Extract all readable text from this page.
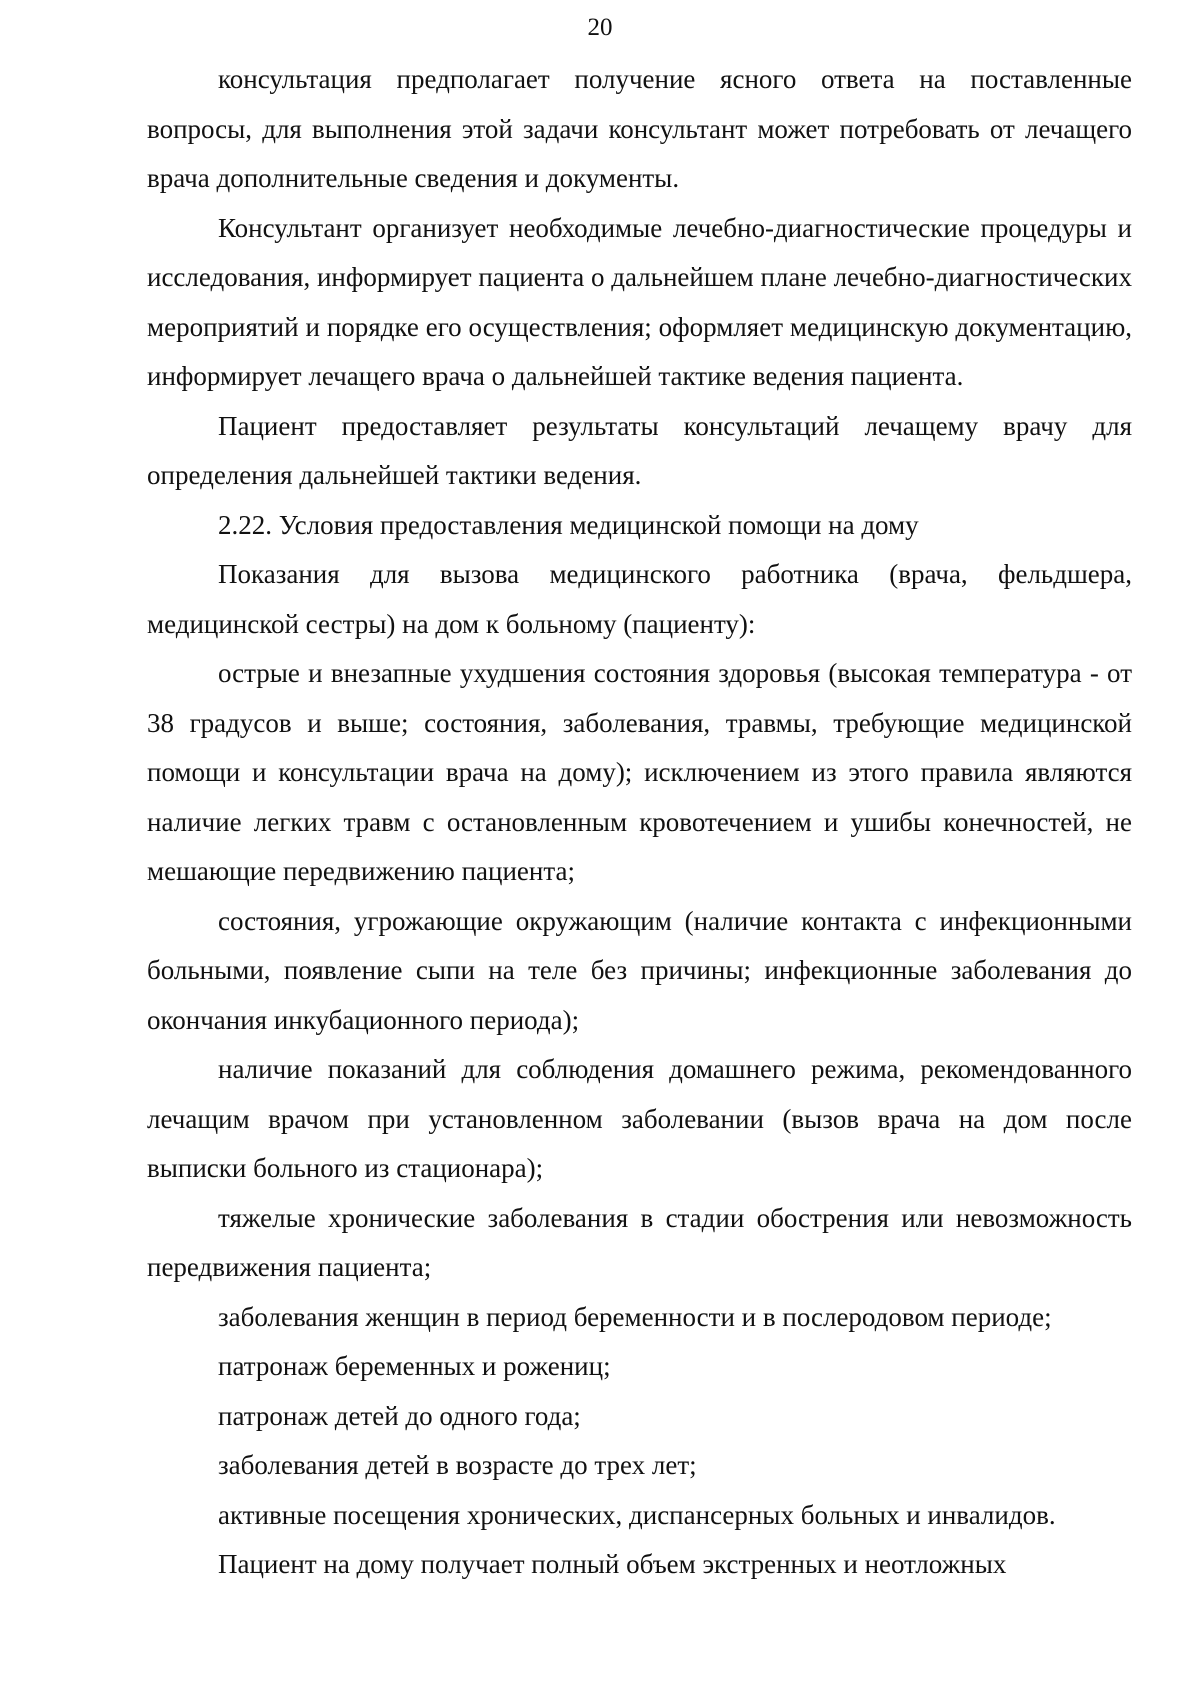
20

консультация предполагает получение ясного ответа на поставленные вопросы, для выполнения этой задачи консультант может потребовать от лечащего врача дополнительные сведения и документы.

Консультант организует необходимые лечебно-диагностические процедуры и исследования, информирует пациента о дальнейшем плане лечебно-диагностических мероприятий и порядке его осуществления; оформляет медицинскую документацию, информирует лечащего врача о дальнейшей тактике ведения пациента.

Пациент предоставляет результаты консультаций лечащему врачу для определения дальнейшей тактики ведения.

2.22. Условия предоставления медицинской помощи на дому

Показания для вызова медицинского работника (врача, фельдшера, медицинской сестры) на дом к больному (пациенту):

острые и внезапные ухудшения состояния здоровья (высокая температура - от 38 градусов и выше; состояния, заболевания, травмы, требующие медицинской помощи и консультации врача на дому); исключением из этого правила являются наличие легких травм с остановленным кровотечением и ушибы конечностей, не мешающие передвижению пациента;

состояния, угрожающие окружающим (наличие контакта с инфекционными больными, появление сыпи на теле без причины; инфекционные заболевания до окончания инкубационного периода);

наличие показаний для соблюдения домашнего режима, рекомендованного лечащим врачом при установленном заболевании (вызов врача на дом после выписки больного из стационара);

тяжелые хронические заболевания в стадии обострения или невозможность передвижения пациента;

заболевания женщин в период беременности и в послеродовом периоде;

патронаж беременных и рожениц;

патронаж детей до одного года;

заболевания детей в возрасте до трех лет;

активные посещения хронических, диспансерных больных и инвалидов.

Пациент на дому получает полный объем экстренных и неотложных
